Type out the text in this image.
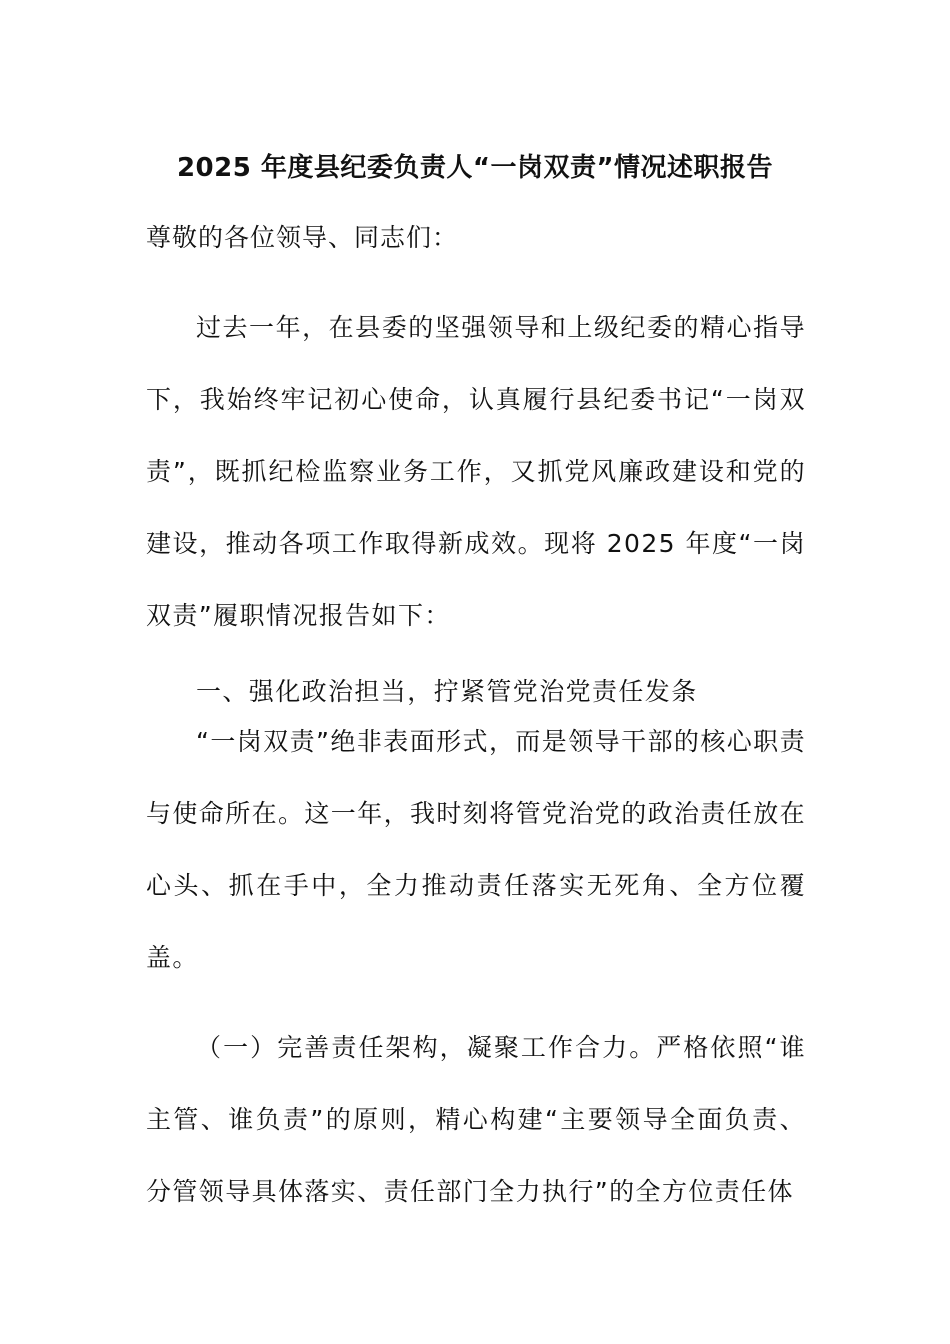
2025 年度县纪委负责人“一岗双责”情况述职报告
尊敬的各位领导、同志们：
过去一年，在县委的坚强领导和上级纪委的精心指导下，我始终牢记初心使命，认真履行县纪委书记“一岗双责”，既抓纪检监察业务工作，又抓党风廉政建设和党的建设，推动各项工作取得新成效。现将 2025 年度“一岗双责”履职情况报告如下：
一、强化政治担当，拧紧管党治党责任发条
“一岗双责”绝非表面形式，而是领导干部的核心职责与使命所在。这一年，我时刻将管党治党的政治责任放在心头、抓在手中，全力推动责任落实无死角、全方位覆盖。
（一）完善责任架构，凝聚工作合力。严格依照“谁主管、谁负责”的原则，精心构建“主要领导全面负责、分管领导具体落实、责任部门全力执行”的全方位责任体
